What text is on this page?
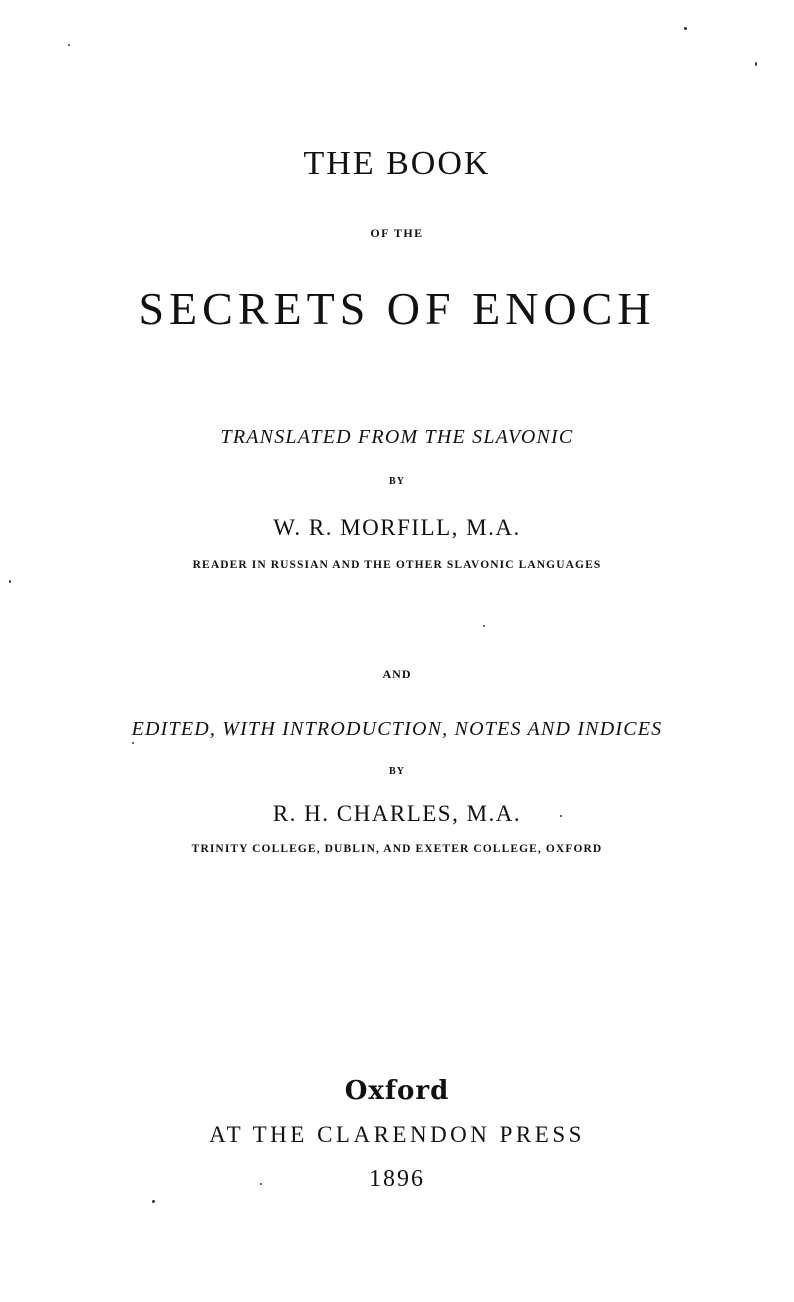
THE BOOK
OF THE
SECRETS OF ENOCH
TRANSLATED FROM THE SLAVONIC
BY
W. R. MORFILL, M.A.
READER IN RUSSIAN AND THE OTHER SLAVONIC LANGUAGES
AND
EDITED, WITH INTRODUCTION, NOTES AND INDICES
BY
R. H. CHARLES, M.A.
TRINITY COLLEGE, DUBLIN, AND EXETER COLLEGE, OXFORD
Oxford
AT THE CLARENDON PRESS
1896
